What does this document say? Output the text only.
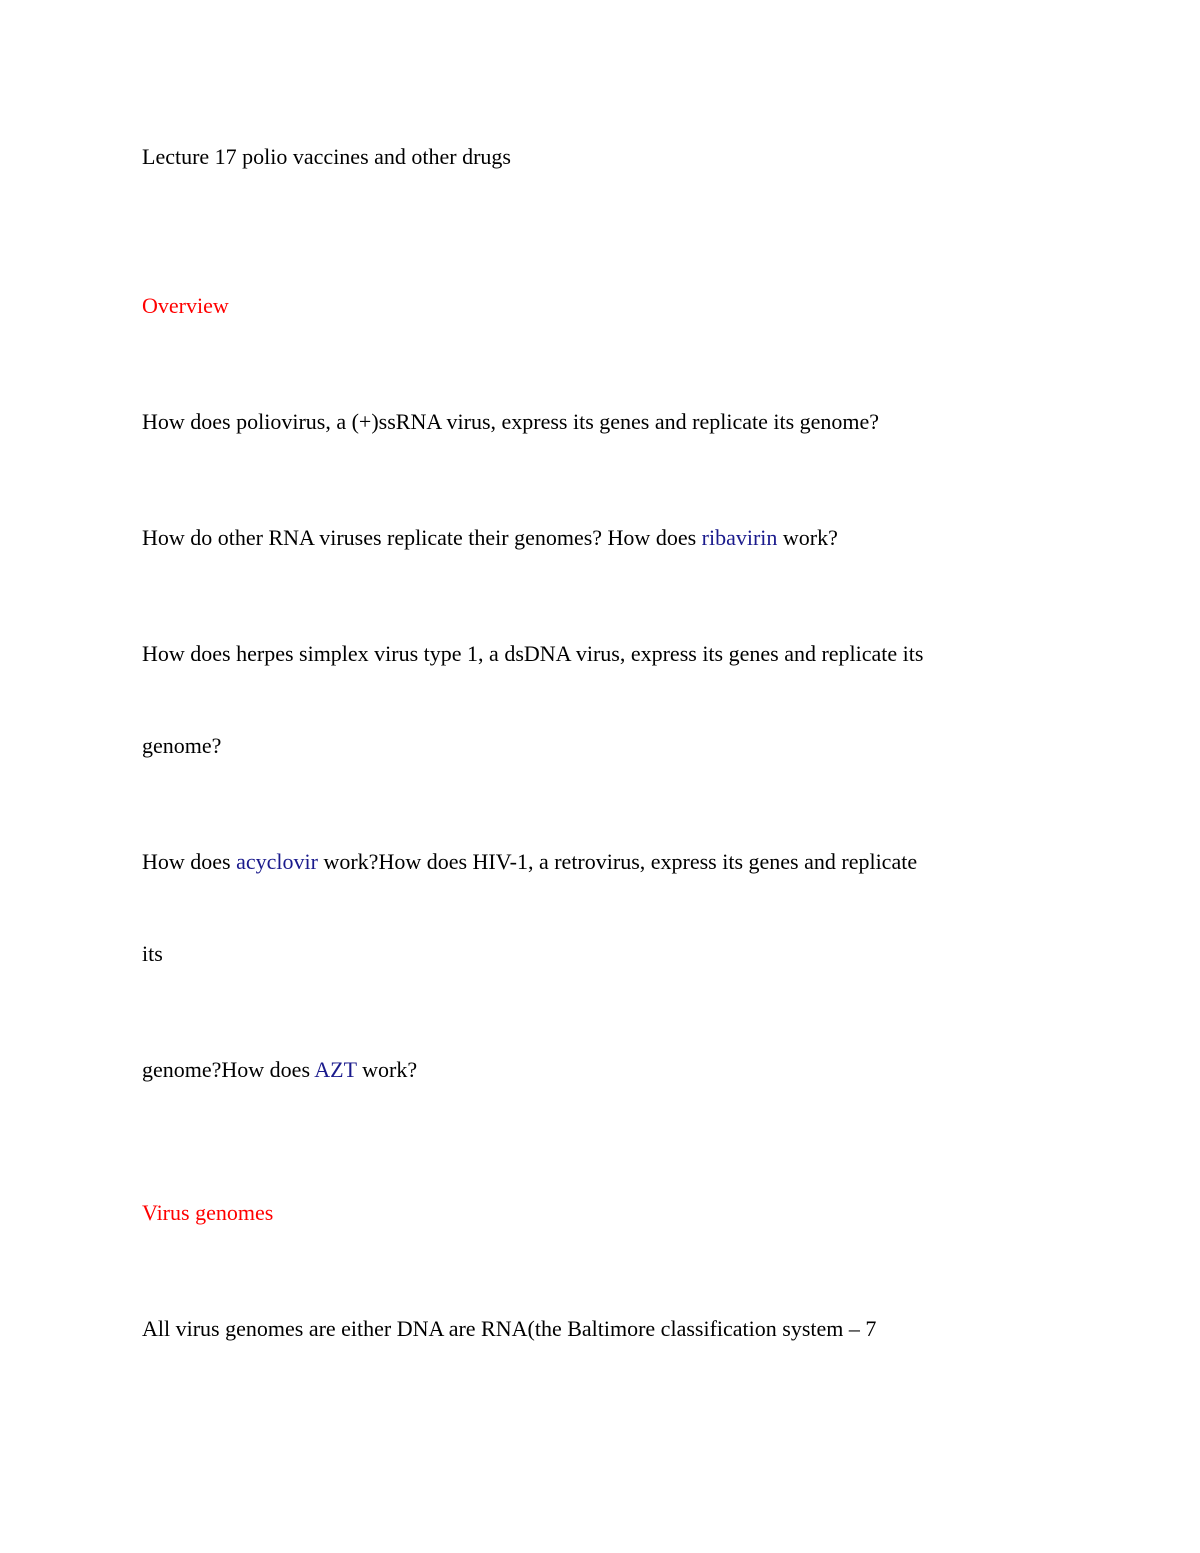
Lecture 17 polio vaccines and other drugs
Overview
How does poliovirus, a (+)ssRNA virus, express its genes and replicate its genome?
How do other RNA viruses replicate their genomes? How does ribavirin work?
How does herpes simplex virus type 1, a dsDNA virus, express its genes and replicate its
genome?
How does acyclovir work?How does HIV-1, a retrovirus, express its genes and replicate
its
genome?How does AZT work?
Virus genomes
All virus genomes are either DNA are RNA(the Baltimore classification system – 7
